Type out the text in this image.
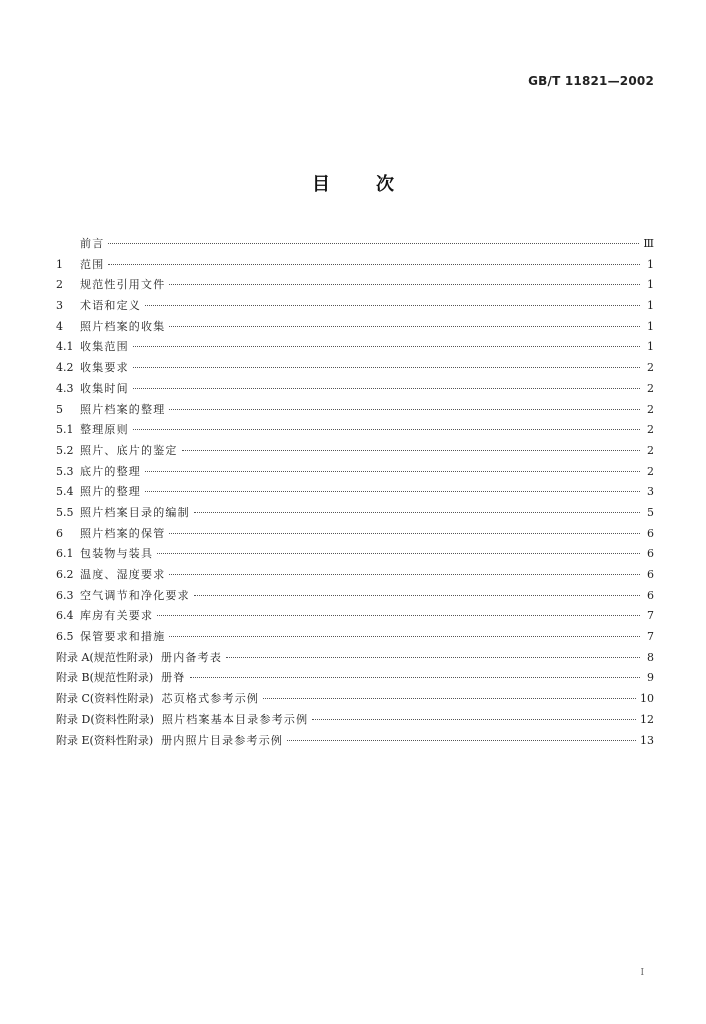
GB/T 11821—2002
目	次
前言	Ⅲ
1	范围	1
2	规范性引用文件	1
3	术语和定义	1
4	照片档案的收集	1
4.1 收集范围	1
4.2 收集要求	2
4.3 收集时间	2
5	照片档案的整理	2
5.1 整理原则	2
5.2 照片、底片的鉴定	2
5.3 底片的整理	2
5.4 照片的整理	3
5.5 照片档案目录的编制	5
6	照片档案的保管	6
6.1 包装物与装具	6
6.2 温度、湿度要求	6
6.3 空气调节和净化要求	6
6.4 库房有关要求	7
6.5 保管要求和措施	7
附录 A(规范性附录) 册内备考表	8
附录 B(规范性附录) 册脊	9
附录 C(资料性附录) 芯页格式参考示例	10
附录 D(资料性附录) 照片档案基本目录参考示例	12
附录 E(资料性附录) 册内照片目录参考示例	13
I
